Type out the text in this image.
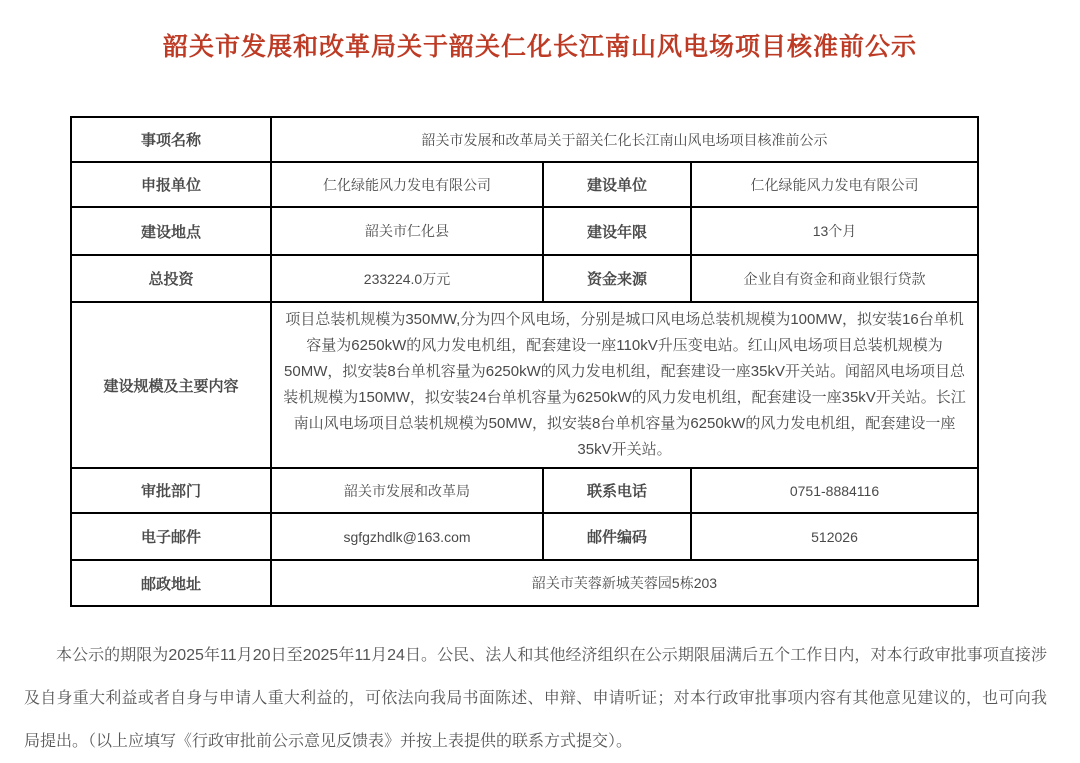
韶关市发展和改革局关于韶关仁化长江南山风电场项目核准前公示
事项名称	韶关市发展和改革局关于韶关仁化长江南山风电场项目核准前公示		
申报单位	仁化绿能风力发电有限公司	建设单位	仁化绿能风力发电有限公司
建设地点	韶关市仁化县	建设年限	13个月
总投资	233224.0万元	资金来源	企业自有资金和商业银行贷款
建设规模及主要内容	项目总装机规模为350MW,分为四个风电场，分别是城口风电场总装机规模为100MW，拟安装16台单机容量为6250kW的风力发电机组，配套建设一座110kV升压变电站。红山风电场项目总装机规模为50MW，拟安装8台单机容量为6250kW的风力发电机组，配套建设一座35kV开关站。闻韶风电场项目总装机规模为150MW，拟安装24台单机容量为6250kW的风力发电机组，配套建设一座35kV开关站。长江南山风电场项目总装机规模为50MW，拟安装8台单机容量为6250kW的风力发电机组，配套建设一座35kV开关站。		
审批部门	韶关市发展和改革局	联系电话	0751-8884116
电子邮件	sgfgzhdlk@163.com	邮件编码	512026
邮政地址	韶关市芙蓉新城芙蓉园5栋203		

本公示的期限为2025年11月20日至2025年11月24日。公民、法人和其他经济组织在公示期限届满后五个工作日内，对本行政审批事项直接涉及自身重大利益或者自身与申请人重大利益的，可依法向我局书面陈述、申辩、申请听证；对本行政审批事项内容有其他意见建议的，也可向我局提出。（以上应填写《行政审批前公示意见反馈表》并按上表提供的联系方式提交）。
